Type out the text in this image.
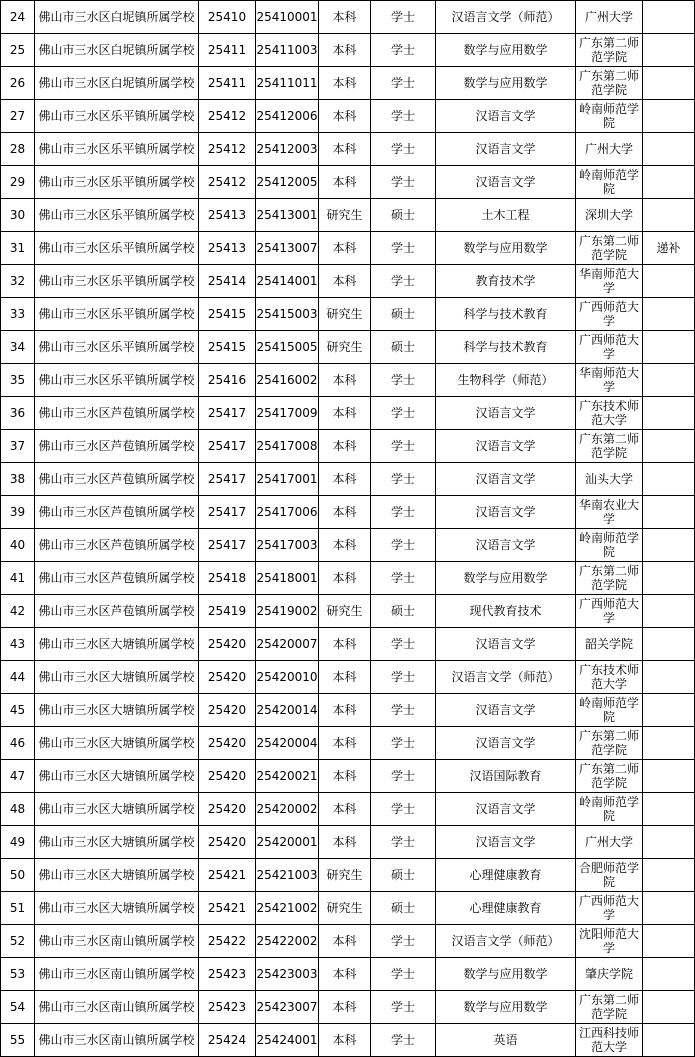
24	佛山市三水区白坭镇所属学校	25410	25410001	本科	学士	汉语言文学（师范）	广州大学	
25	佛山市三水区白坭镇所属学校	25411	25411003	本科	学士	数学与应用数学	广东第二师范学院	
26	佛山市三水区白坭镇所属学校	25411	25411011	本科	学士	数学与应用数学	广东第二师范学院	
27	佛山市三水区乐平镇所属学校	25412	25412006	本科	学士	汉语言文学	岭南师范学院	
28	佛山市三水区乐平镇所属学校	25412	25412003	本科	学士	汉语言文学	广州大学	
29	佛山市三水区乐平镇所属学校	25412	25412005	本科	学士	汉语言文学	岭南师范学院	
30	佛山市三水区乐平镇所属学校	25413	25413001	研究生	硕士	土木工程	深圳大学	
31	佛山市三水区乐平镇所属学校	25413	25413007	本科	学士	数学与应用数学	广东第二师范学院	递补
32	佛山市三水区乐平镇所属学校	25414	25414001	本科	学士	教育技术学	华南师范大学	
33	佛山市三水区乐平镇所属学校	25415	25415003	研究生	硕士	科学与技术教育	广西师范大学	
34	佛山市三水区乐平镇所属学校	25415	25415005	研究生	硕士	科学与技术教育	广西师范大学	
35	佛山市三水区乐平镇所属学校	25416	25416002	本科	学士	生物科学（师范）	华南师范大学	
36	佛山市三水区芦苞镇所属学校	25417	25417009	本科	学士	汉语言文学	广东技术师范大学	
37	佛山市三水区芦苞镇所属学校	25417	25417008	本科	学士	汉语言文学	广东第二师范学院	
38	佛山市三水区芦苞镇所属学校	25417	25417001	本科	学士	汉语言文学	汕头大学	
39	佛山市三水区芦苞镇所属学校	25417	25417006	本科	学士	汉语言文学	华南农业大学	
40	佛山市三水区芦苞镇所属学校	25417	25417003	本科	学士	汉语言文学	岭南师范学院	
41	佛山市三水区芦苞镇所属学校	25418	25418001	本科	学士	数学与应用数学	广东第二师范学院	
42	佛山市三水区芦苞镇所属学校	25419	25419002	研究生	硕士	现代教育技术	广西师范大学	
43	佛山市三水区大塘镇所属学校	25420	25420007	本科	学士	汉语言文学	韶关学院	
44	佛山市三水区大塘镇所属学校	25420	25420010	本科	学士	汉语言文学（师范）	广东技术师范大学	
45	佛山市三水区大塘镇所属学校	25420	25420014	本科	学士	汉语言文学	岭南师范学院	
46	佛山市三水区大塘镇所属学校	25420	25420004	本科	学士	汉语言文学	广东第二师范学院	
47	佛山市三水区大塘镇所属学校	25420	25420021	本科	学士	汉语国际教育	广东第二师范学院	
48	佛山市三水区大塘镇所属学校	25420	25420002	本科	学士	汉语言文学	岭南师范学院	
49	佛山市三水区大塘镇所属学校	25420	25420001	本科	学士	汉语言文学	广州大学	
50	佛山市三水区大塘镇所属学校	25421	25421003	研究生	硕士	心理健康教育	合肥师范学院	
51	佛山市三水区大塘镇所属学校	25421	25421002	研究生	硕士	心理健康教育	广西师范大学	
52	佛山市三水区南山镇所属学校	25422	25422002	本科	学士	汉语言文学（师范）	沈阳师范大学	
53	佛山市三水区南山镇所属学校	25423	25423003	本科	学士	数学与应用数学	肇庆学院	
54	佛山市三水区南山镇所属学校	25423	25423007	本科	学士	数学与应用数学	广东第二师范学院	
55	佛山市三水区南山镇所属学校	25424	25424001	本科	学士	英语	江西科技师范大学	
